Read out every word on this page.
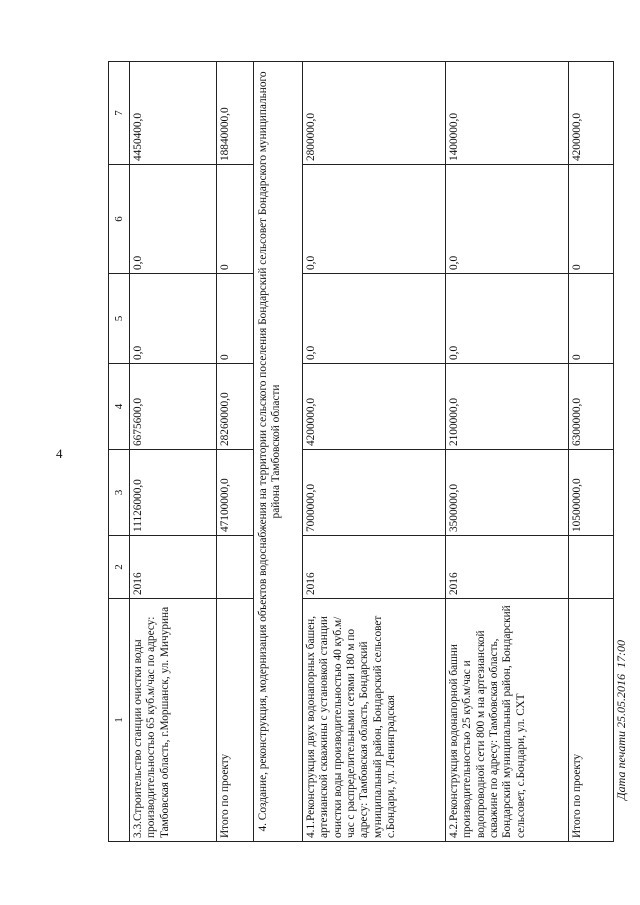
4
1	2	3	4	5	6	7
3.3.Строительство станции очистки воды производительностью 65 куб.м/час по адресу: Тамбовская область, г.Моршанск, ул. Мичурина	2016	11126000,0	6675600,0	0,0	0,0	4450400,0
Итого по проекту		47100000,0	28260000,0	0	0	18840000,0
4. Создание, реконструкция, модернизация объектов водоснабжения на территории сельского поселения Бондарский сельсовет Бондарского муниципального района Тамбовской области						
4.1.Реконструкция двух водонапорных башен, артезианской скважины с установкой станции очистки воды производительностью 40 куб.м/час с распределительными сетями 180 м по адресу: Тамбовская область, Бондарский муниципальный район, Бондарский сельсовет с.Бондари, ул. Ленинградская	2016	7000000,0	4200000,0	0,0	0,0	2800000,0
4.2.Реконструкция водонапорной башни производительностью 25 куб.м/час и водопроводной сети 800 м на артезианской скважине по адресу: Тамбовская область, Бондарский муниципальный район, Бондарский сельсовет, с.Бондари, ул. СХТ	2016	3500000,0	2100000,0	0,0	0,0	1400000,0
Итого по проекту		10500000,0	6300000,0	0	0	4200000,0
Дата печати 25.05.2016  17:00
